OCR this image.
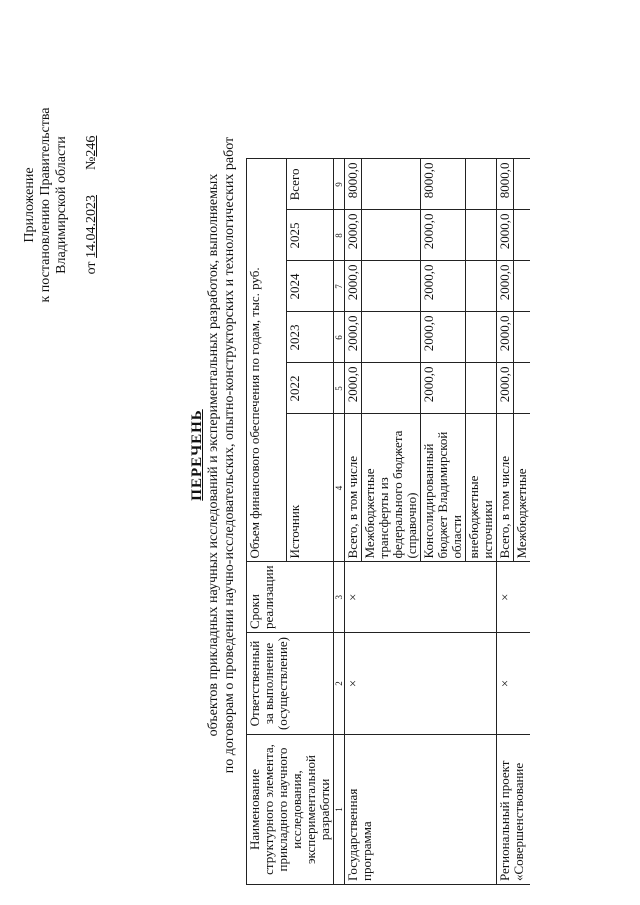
Приложение к постановлению Правительства Владимирской области от 14.04.2023  №246
ПЕРЕЧЕНЬ объектов прикладных научных исследований и экспериментальных разработок, выполняемых по договорам о проведении научно-исследовательских, опытно-конструкторских и технологических работ
Наименование структурного элемента, прикладного научного исследования, экспериментальной разработки	Ответственный за выполнение (осуществление)	Сроки реализации	Объем финансового обеспечения по годам, тыс. руб.					
			Источник	2022	2023	2024	2025	Всего
1	2	3	4	5	6	7	8	9
Государственная программа	×	×	Всего, в том числе	2000,0	2000,0	2000,0	2000,0	8000,0
			Межбюджетные трансферты из федерального бюджета (справочно)					
			Консолидированный бюджет Владимирской области	2000,0	2000,0	2000,0	2000,0	8000,0
			внебюджетные источники					
Региональный проект «Совершенствование	×	×	Всего, в том числе	2000,0	2000,0	2000,0	2000,0	8000,0
			Межбюджетные					
